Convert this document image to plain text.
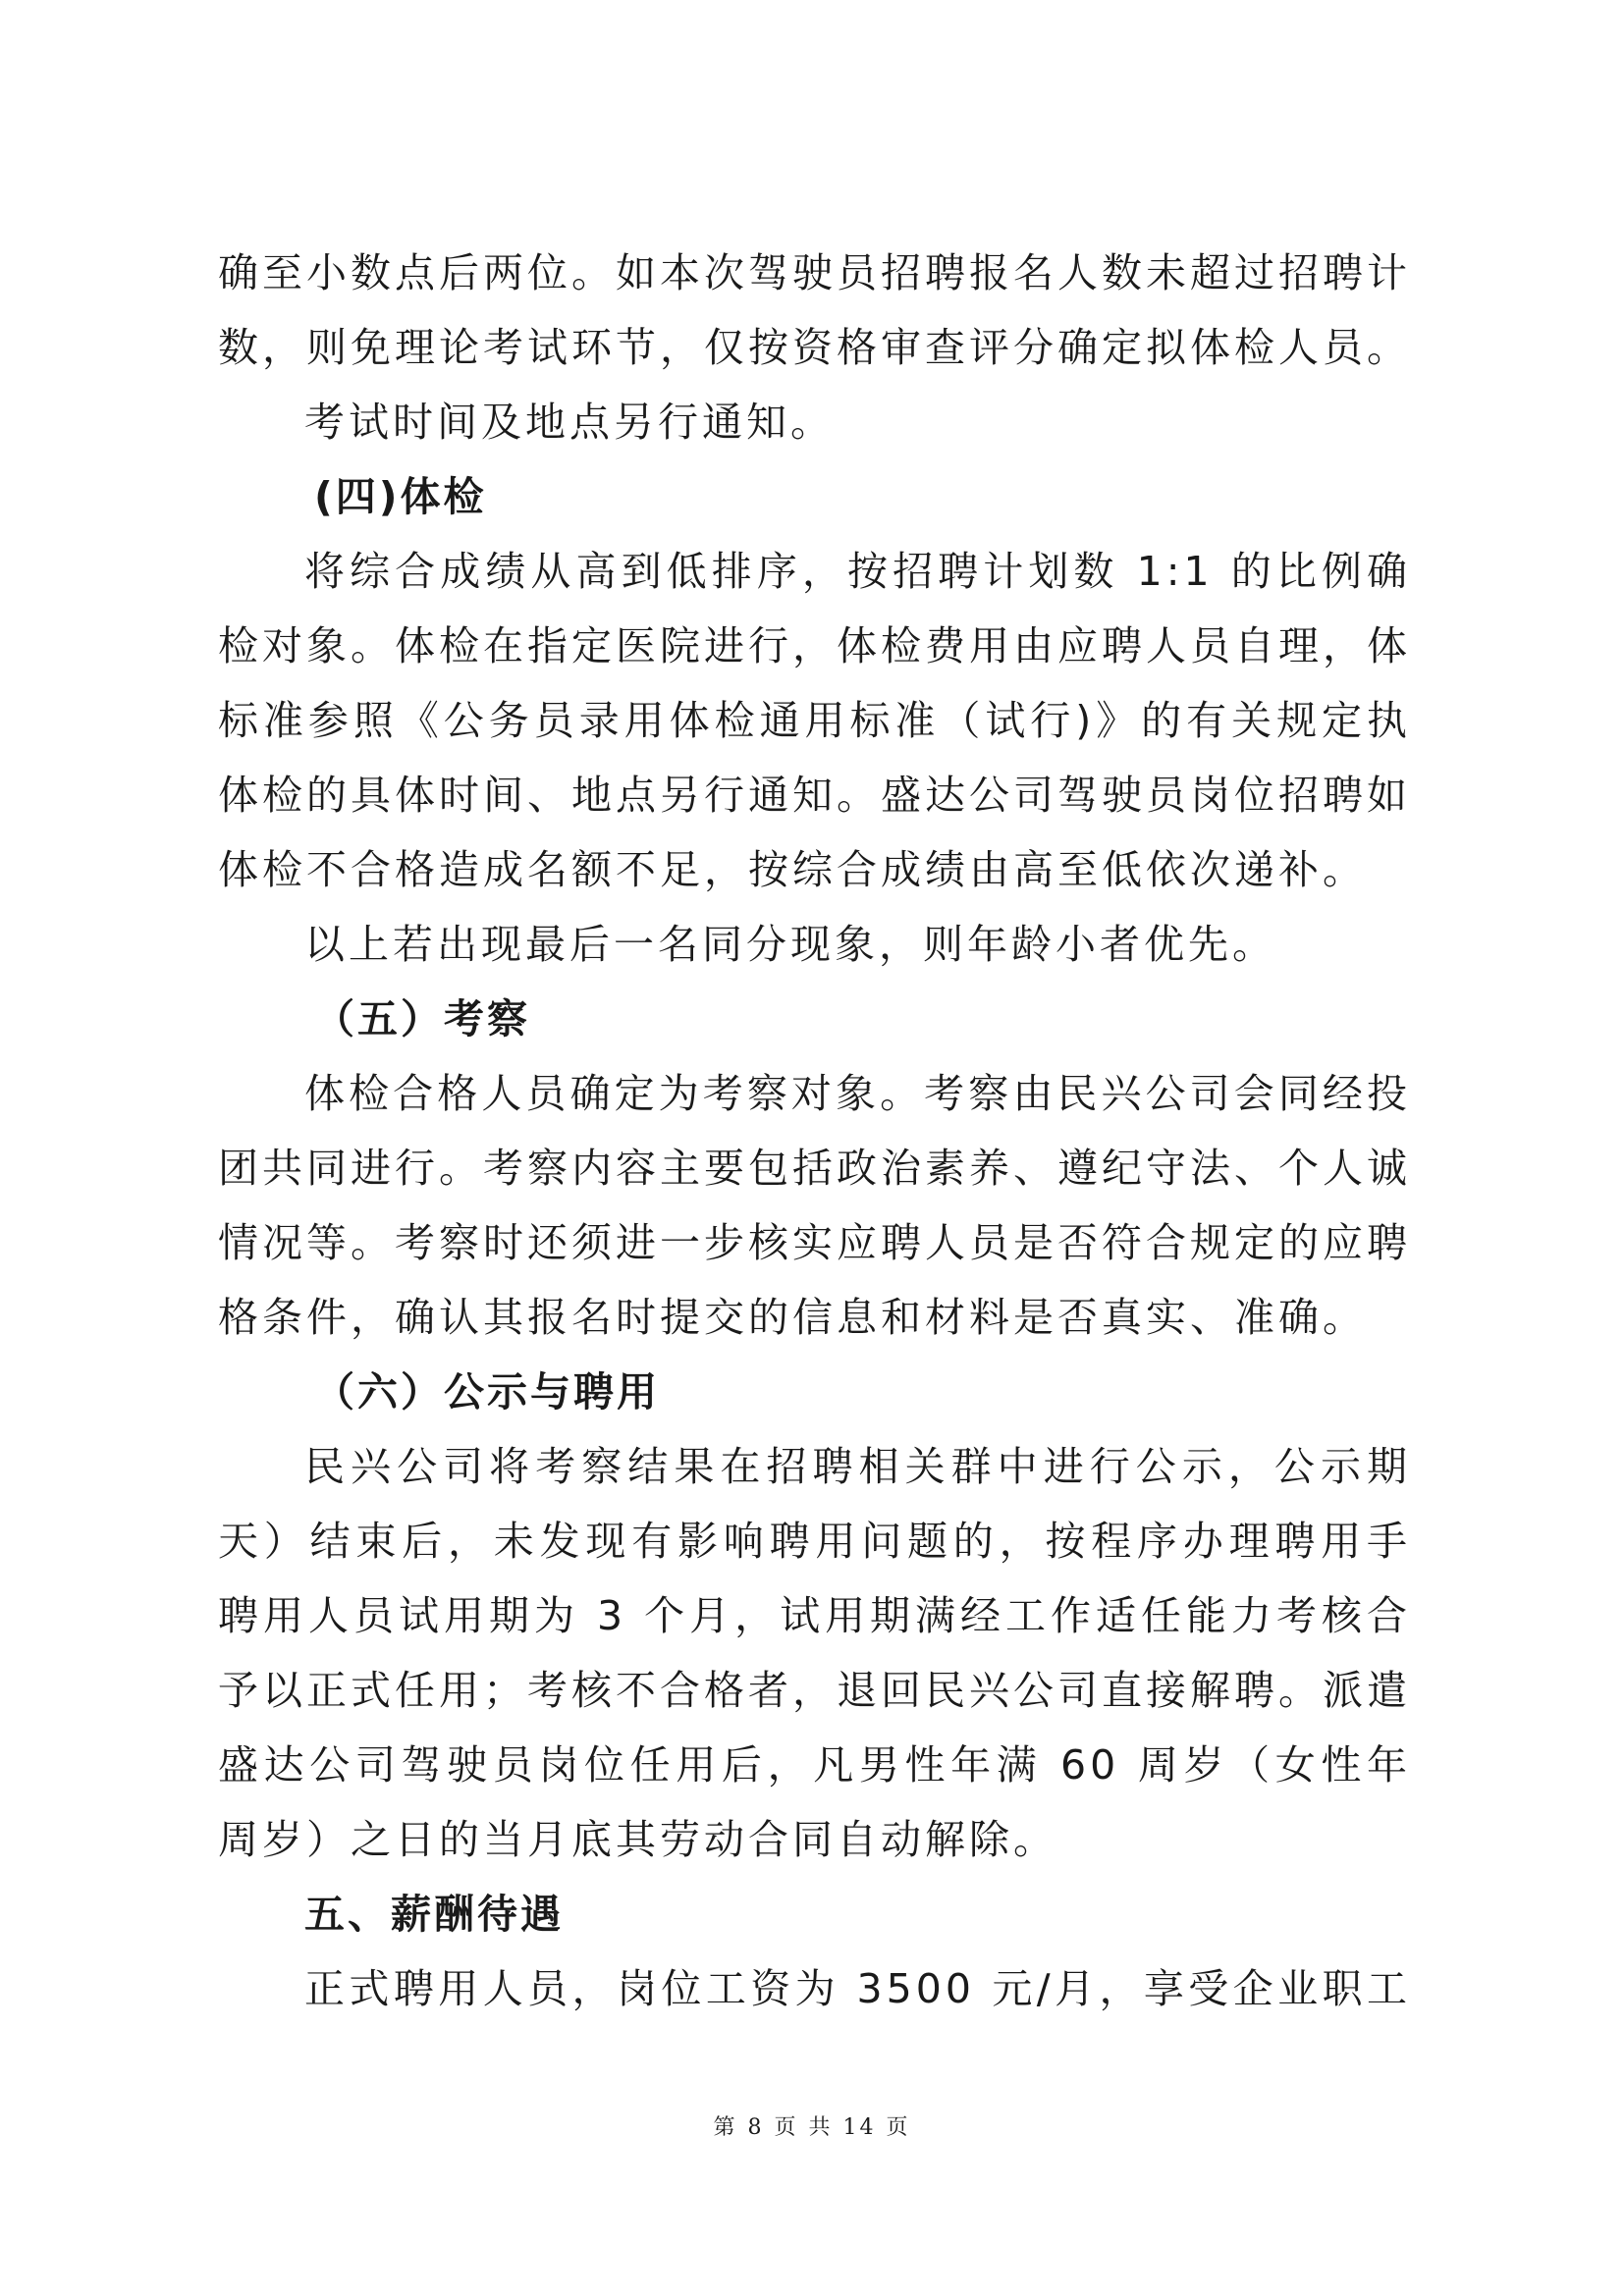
确至小数点后两位。如本次驾驶员招聘报名人数未超过招聘计
数，则免理论考试环节，仅按资格审查评分确定拟体检人员。
考试时间及地点另行通知。
(四)体检
将综合成绩从高到低排序，按招聘计划数 1:1 的比例确
检对象。体检在指定医院进行，体检费用由应聘人员自理，体
标准参照《公务员录用体检通用标准（试行)》的有关规定执
体检的具体时间、地点另行通知。盛达公司驾驶员岗位招聘如
体检不合格造成名额不足，按综合成绩由高至低依次递补。
以上若出现最后一名同分现象，则年龄小者优先。
（五）考察
体检合格人员确定为考察对象。考察由民兴公司会同经投
团共同进行。考察内容主要包括政治素养、遵纪守法、个人诚
情况等。考察时还须进一步核实应聘人员是否符合规定的应聘
格条件，确认其报名时提交的信息和材料是否真实、准确。
（六）公示与聘用
民兴公司将考察结果在招聘相关群中进行公示，公示期
天）结束后，未发现有影响聘用问题的，按程序办理聘用手
聘用人员试用期为 3 个月，试用期满经工作适任能力考核合
予以正式任用；考核不合格者，退回民兴公司直接解聘。派遣
盛达公司驾驶员岗位任用后，凡男性年满 60 周岁（女性年
周岁）之日的当月底其劳动合同自动解除。
五、薪酬待遇
正式聘用人员，岗位工资为 3500 元/月，享受企业职工
第 8 页 共 14 页
